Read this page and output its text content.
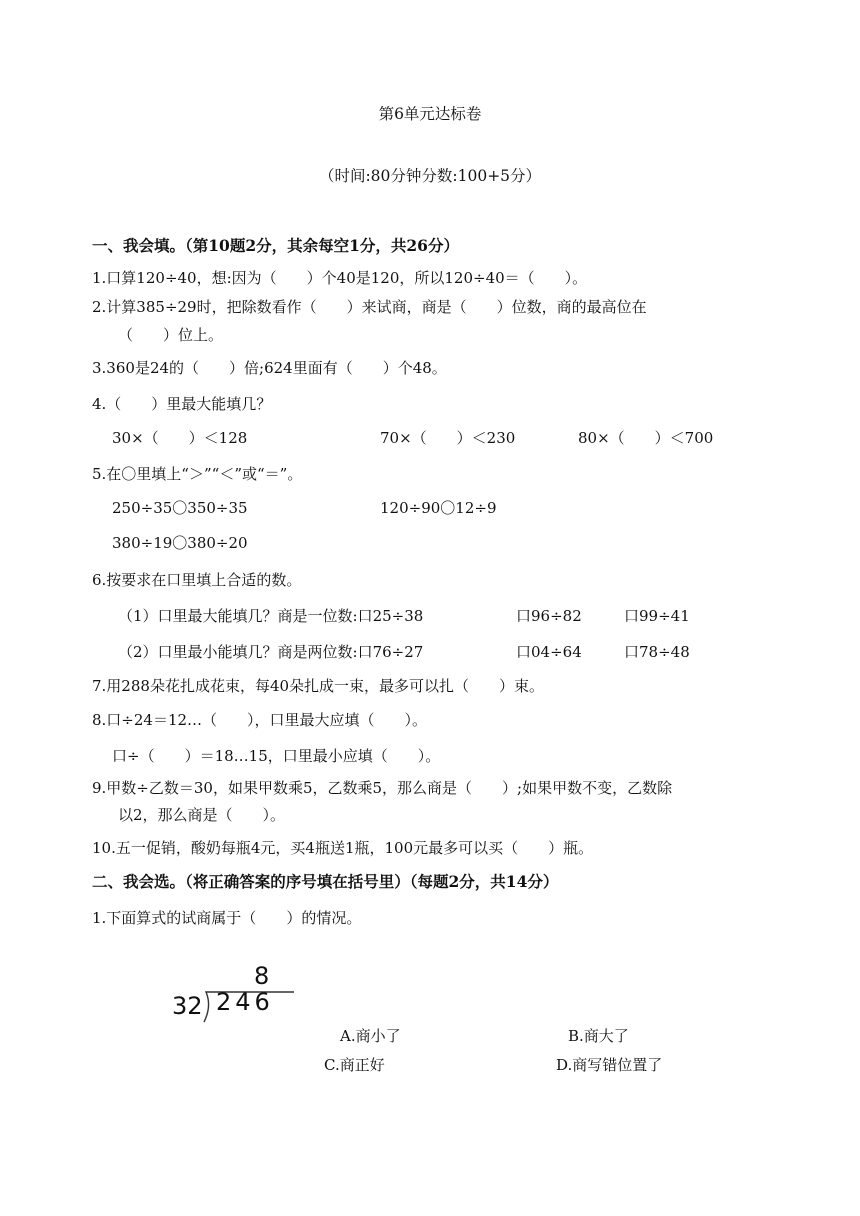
第6单元达标卷
（时间:80分钟分数:100+5分）
一、我会填。（第10题2分，其余每空1分，共26分）
1.口算120÷40，想:因为（　　）个40是120，所以120÷40＝（　　）。
2.计算385÷29时，把除数看作（　　）来试商，商是（　　）位数，商的最高位在
（　　）位上。
3.360是24的（　　）倍;624里面有（　　）个48。
4.（　　）里最大能填几？
30×（　　）＜128	70×（　　）＜230	80×（　　）＜700
5.在〇里填上“＞”“＜”或“＝”。
250÷35〇350÷35	120÷90〇12÷9
380÷19〇380÷20
6.按要求在口里填上合适的数。
（1）口里最大能填几？商是一位数:口25÷38	口96÷82	口99÷41
（2）口里最小能填几？商是两位数:口76÷27	口04÷64	口78÷48
7.用288朵花扎成花束，每40朵扎成一束，最多可以扎（　　）束。
8.口÷24＝12…（　　），口里最大应填（　　）。
口÷（　　）＝18…15，口里最小应填（　　）。
9.甲数÷乙数＝30，如果甲数乘5，乙数乘5，那么商是（　　）;如果甲数不变，乙数除
以2，那么商是（　　）。
10.五一促销，酸奶每瓶4元，买4瓶送1瓶，100元最多可以买（　　）瓶。
二、我会选。（将正确答案的序号填在括号里）（每题2分，共14分）
1.下面算式的试商属于（　　）的情况。
8
32 246
A.商小了	B.商大了
C.商正好	D.商写错位置了
